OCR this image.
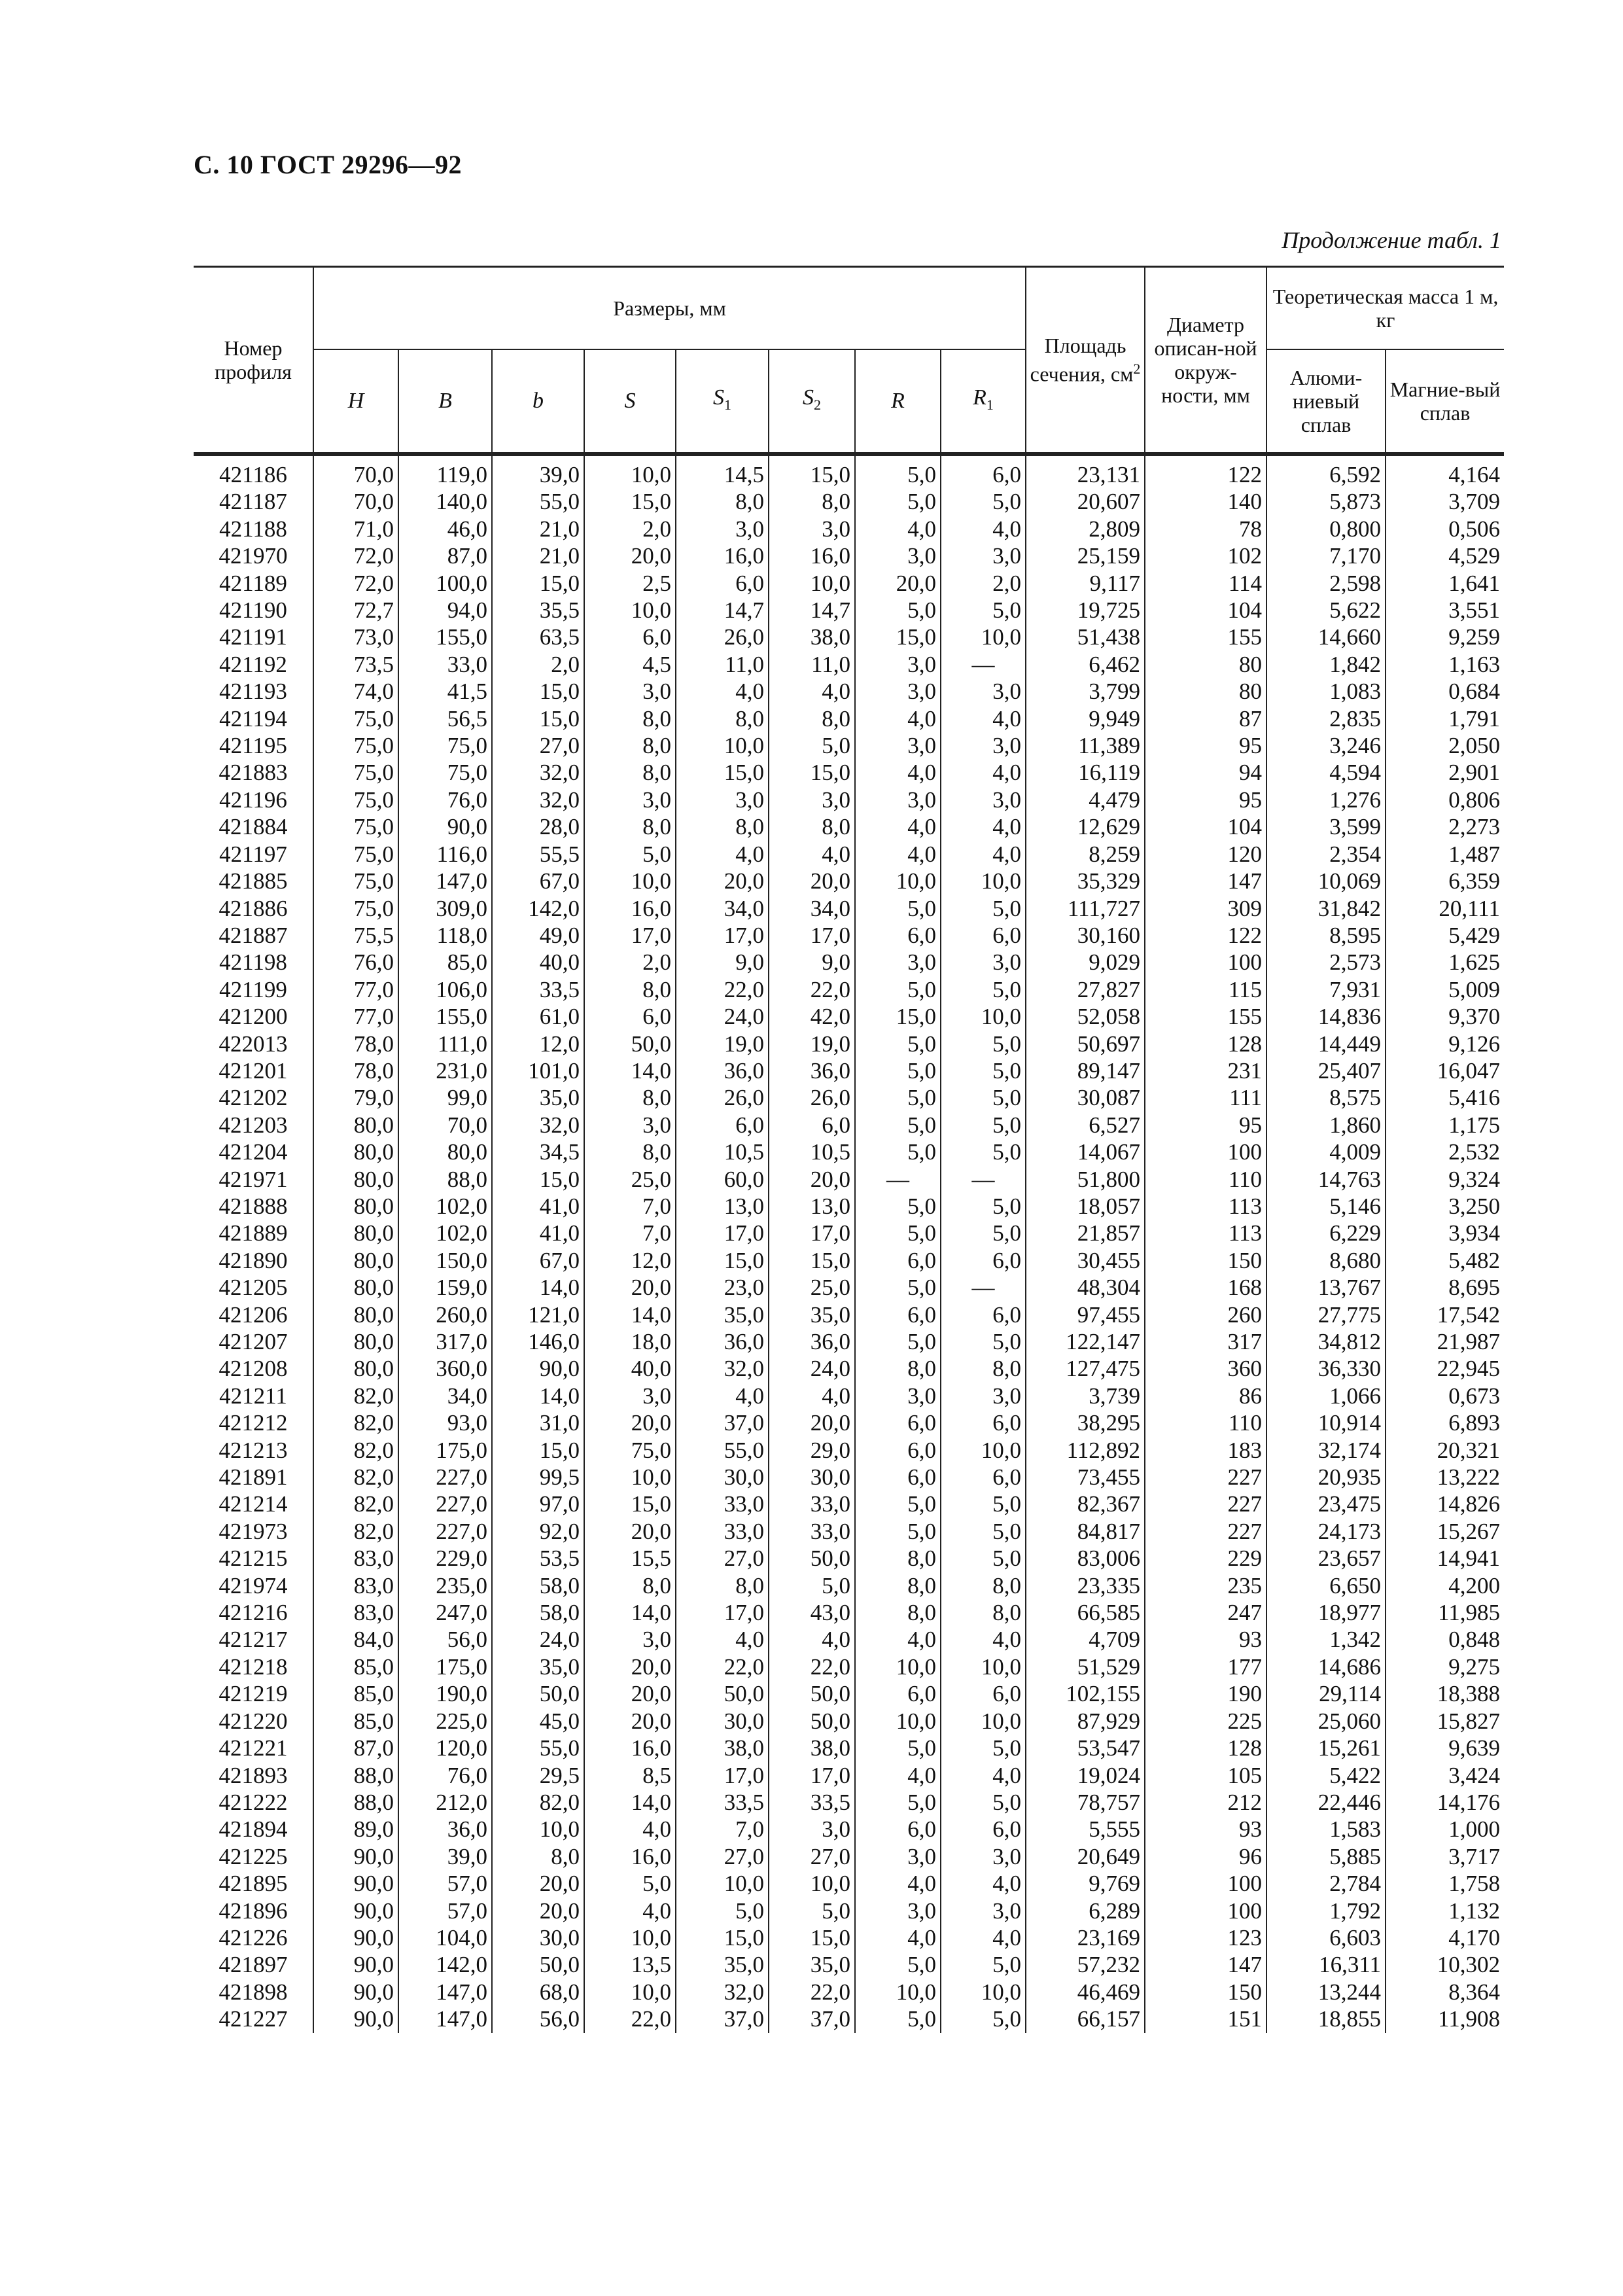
С. 10 ГОСТ 29296—92
Продолжение табл. 1
Номер профиля	Размеры, мм								Площадь сечения, $см^2$	Диаметр описан-ной окруж-ности, мм	Теоретическая масса 1 м, кг	
	H	B	b	S	$S_1$	$S_2$	R	$R_1$			Алюми-ниевый сплав	Магние-вый сплав
421186	70,0	119,0	39,0	10,0	14,5	15,0	5,0	6,0	23,131	122	6,592	4,164
421187	70,0	140,0	55,0	15,0	8,0	8,0	5,0	5,0	20,607	140	5,873	3,709
421188	71,0	46,0	21,0	2,0	3,0	3,0	4,0	4,0	2,809	78	0,800	0,506
421970	72,0	87,0	21,0	20,0	16,0	16,0	3,0	3,0	25,159	102	7,170	4,529
421189	72,0	100,0	15,0	2,5	6,0	10,0	20,0	2,0	9,117	114	2,598	1,641
421190	72,7	94,0	35,5	10,0	14,7	14,7	5,0	5,0	19,725	104	5,622	3,551
421191	73,0	155,0	63,5	6,0	26,0	38,0	15,0	10,0	51,438	155	14,660	9,259
421192	73,5	33,0	2,0	4,5	11,0	11,0	3,0	—	6,462	80	1,842	1,163
421193	74,0	41,5	15,0	3,0	4,0	4,0	3,0	3,0	3,799	80	1,083	0,684
421194	75,0	56,5	15,0	8,0	8,0	8,0	4,0	4,0	9,949	87	2,835	1,791
421195	75,0	75,0	27,0	8,0	10,0	5,0	3,0	3,0	11,389	95	3,246	2,050
421883	75,0	75,0	32,0	8,0	15,0	15,0	4,0	4,0	16,119	94	4,594	2,901
421196	75,0	76,0	32,0	3,0	3,0	3,0	3,0	3,0	4,479	95	1,276	0,806
421884	75,0	90,0	28,0	8,0	8,0	8,0	4,0	4,0	12,629	104	3,599	2,273
421197	75,0	116,0	55,5	5,0	4,0	4,0	4,0	4,0	8,259	120	2,354	1,487
421885	75,0	147,0	67,0	10,0	20,0	20,0	10,0	10,0	35,329	147	10,069	6,359
421886	75,0	309,0	142,0	16,0	34,0	34,0	5,0	5,0	111,727	309	31,842	20,111
421887	75,5	118,0	49,0	17,0	17,0	17,0	6,0	6,0	30,160	122	8,595	5,429
421198	76,0	85,0	40,0	2,0	9,0	9,0	3,0	3,0	9,029	100	2,573	1,625
421199	77,0	106,0	33,5	8,0	22,0	22,0	5,0	5,0	27,827	115	7,931	5,009
421200	77,0	155,0	61,0	6,0	24,0	42,0	15,0	10,0	52,058	155	14,836	9,370
422013	78,0	111,0	12,0	50,0	19,0	19,0	5,0	5,0	50,697	128	14,449	9,126
421201	78,0	231,0	101,0	14,0	36,0	36,0	5,0	5,0	89,147	231	25,407	16,047
421202	79,0	99,0	35,0	8,0	26,0	26,0	5,0	5,0	30,087	111	8,575	5,416
421203	80,0	70,0	32,0	3,0	6,0	6,0	5,0	5,0	6,527	95	1,860	1,175
421204	80,0	80,0	34,5	8,0	10,5	10,5	5,0	5,0	14,067	100	4,009	2,532
421971	80,0	88,0	15,0	25,0	60,0	20,0	—	—	51,800	110	14,763	9,324
421888	80,0	102,0	41,0	7,0	13,0	13,0	5,0	5,0	18,057	113	5,146	3,250
421889	80,0	102,0	41,0	7,0	17,0	17,0	5,0	5,0	21,857	113	6,229	3,934
421890	80,0	150,0	67,0	12,0	15,0	15,0	6,0	6,0	30,455	150	8,680	5,482
421205	80,0	159,0	14,0	20,0	23,0	25,0	5,0	—	48,304	168	13,767	8,695
421206	80,0	260,0	121,0	14,0	35,0	35,0	6,0	6,0	97,455	260	27,775	17,542
421207	80,0	317,0	146,0	18,0	36,0	36,0	5,0	5,0	122,147	317	34,812	21,987
421208	80,0	360,0	90,0	40,0	32,0	24,0	8,0	8,0	127,475	360	36,330	22,945
421211	82,0	34,0	14,0	3,0	4,0	4,0	3,0	3,0	3,739	86	1,066	0,673
421212	82,0	93,0	31,0	20,0	37,0	20,0	6,0	6,0	38,295	110	10,914	6,893
421213	82,0	175,0	15,0	75,0	55,0	29,0	6,0	10,0	112,892	183	32,174	20,321
421891	82,0	227,0	99,5	10,0	30,0	30,0	6,0	6,0	73,455	227	20,935	13,222
421214	82,0	227,0	97,0	15,0	33,0	33,0	5,0	5,0	82,367	227	23,475	14,826
421973	82,0	227,0	92,0	20,0	33,0	33,0	5,0	5,0	84,817	227	24,173	15,267
421215	83,0	229,0	53,5	15,5	27,0	50,0	8,0	5,0	83,006	229	23,657	14,941
421974	83,0	235,0	58,0	8,0	8,0	5,0	8,0	8,0	23,335	235	6,650	4,200
421216	83,0	247,0	58,0	14,0	17,0	43,0	8,0	8,0	66,585	247	18,977	11,985
421217	84,0	56,0	24,0	3,0	4,0	4,0	4,0	4,0	4,709	93	1,342	0,848
421218	85,0	175,0	35,0	20,0	22,0	22,0	10,0	10,0	51,529	177	14,686	9,275
421219	85,0	190,0	50,0	20,0	50,0	50,0	6,0	6,0	102,155	190	29,114	18,388
421220	85,0	225,0	45,0	20,0	30,0	50,0	10,0	10,0	87,929	225	25,060	15,827
421221	87,0	120,0	55,0	16,0	38,0	38,0	5,0	5,0	53,547	128	15,261	9,639
421893	88,0	76,0	29,5	8,5	17,0	17,0	4,0	4,0	19,024	105	5,422	3,424
421222	88,0	212,0	82,0	14,0	33,5	33,5	5,0	5,0	78,757	212	22,446	14,176
421894	89,0	36,0	10,0	4,0	7,0	3,0	6,0	6,0	5,555	93	1,583	1,000
421225	90,0	39,0	8,0	16,0	27,0	27,0	3,0	3,0	20,649	96	5,885	3,717
421895	90,0	57,0	20,0	5,0	10,0	10,0	4,0	4,0	9,769	100	2,784	1,758
421896	90,0	57,0	20,0	4,0	5,0	5,0	3,0	3,0	6,289	100	1,792	1,132
421226	90,0	104,0	30,0	10,0	15,0	15,0	4,0	4,0	23,169	123	6,603	4,170
421897	90,0	142,0	50,0	13,5	35,0	35,0	5,0	5,0	57,232	147	16,311	10,302
421898	90,0	147,0	68,0	10,0	32,0	22,0	10,0	10,0	46,469	150	13,244	8,364
421227	90,0	147,0	56,0	22,0	37,0	37,0	5,0	5,0	66,157	151	18,855	11,908
